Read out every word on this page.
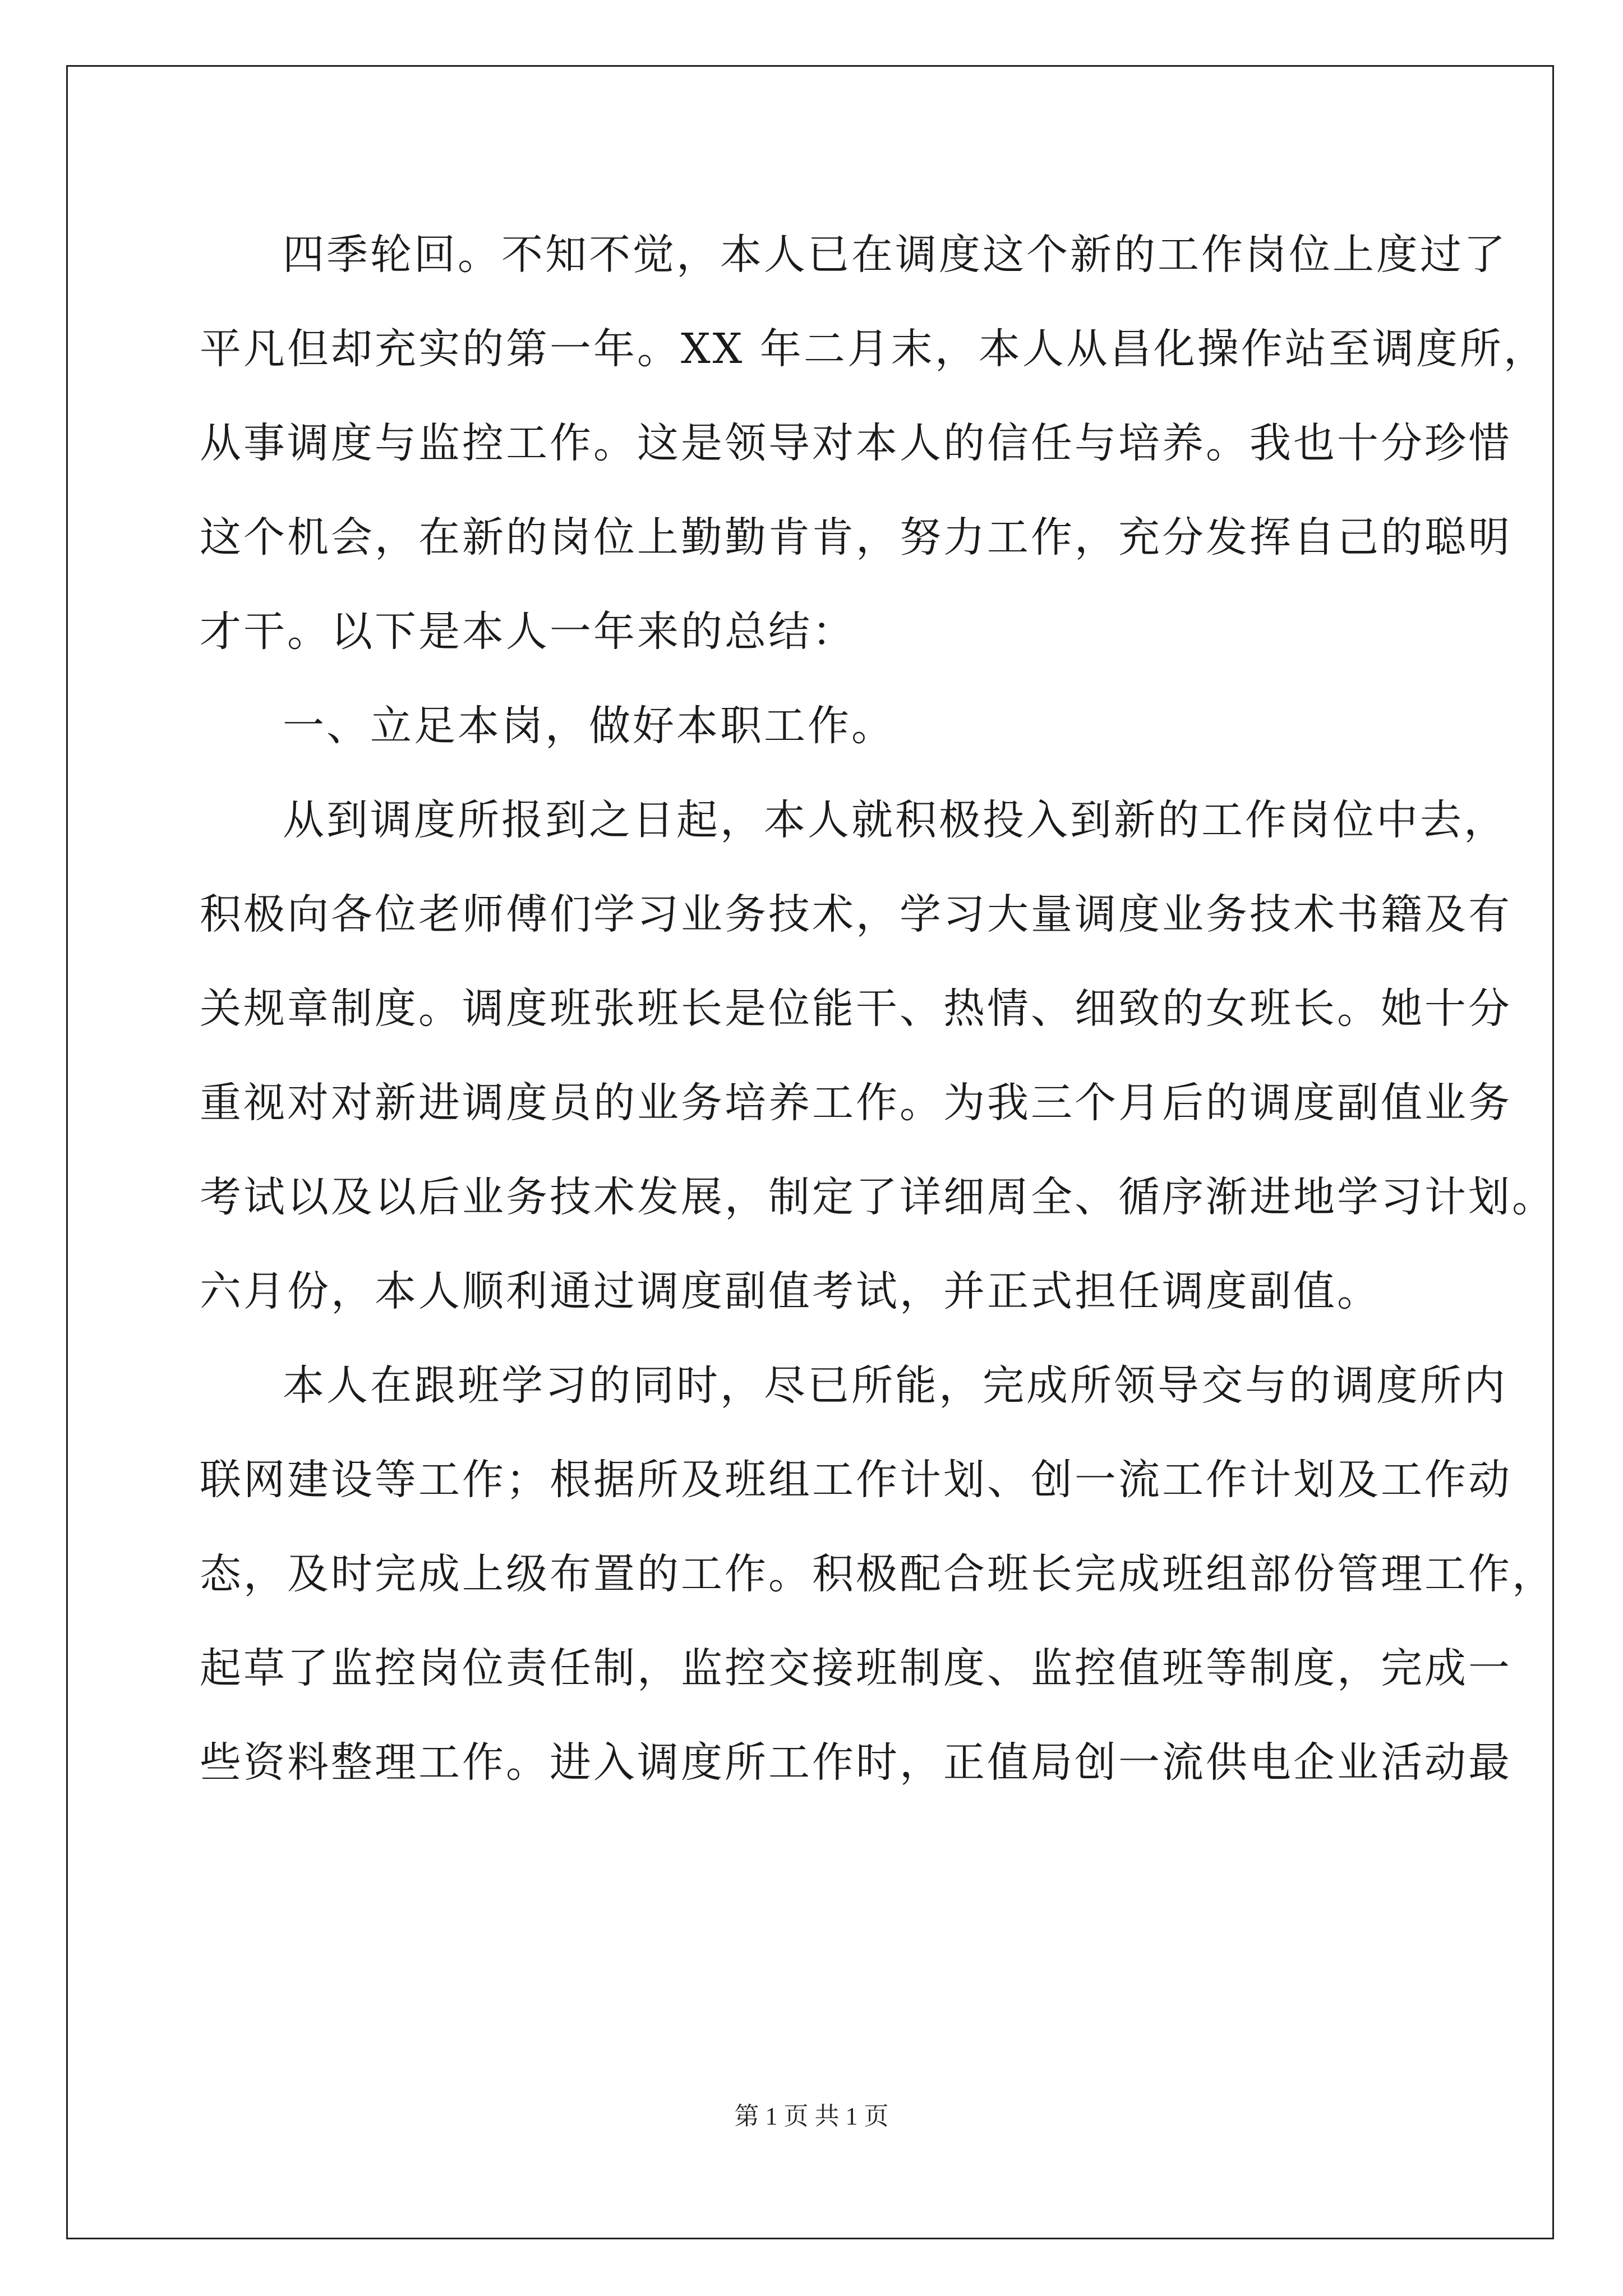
四季轮回。不知不觉，本人已在调度这个新的工作岗位上度过了
平凡但却充实的第一年。XX 年二月末，本人从昌化操作站至调度所，
从事调度与监控工作。这是领导对本人的信任与培养。我也十分珍惜
这个机会，在新的岗位上勤勤肯肯，努力工作，充分发挥自己的聪明
才干。以下是本人一年来的总结：
一、立足本岗，做好本职工作。
从到调度所报到之日起，本人就积极投入到新的工作岗位中去，
积极向各位老师傅们学习业务技术，学习大量调度业务技术书籍及有
关规章制度。调度班张班长是位能干、热情、细致的女班长。她十分
重视对对新进调度员的业务培养工作。为我三个月后的调度副值业务
考试以及以后业务技术发展，制定了详细周全、循序渐进地学习计划。
六月份，本人顺利通过调度副值考试，并正式担任调度副值。
本人在跟班学习的同时，尽已所能，完成所领导交与的调度所内
联网建设等工作；根据所及班组工作计划、创一流工作计划及工作动
态，及时完成上级布置的工作。积极配合班长完成班组部份管理工作，
起草了监控岗位责任制，监控交接班制度、监控值班等制度，完成一
些资料整理工作。进入调度所工作时，正值局创一流供电企业活动最
第 1 页 共 1 页
